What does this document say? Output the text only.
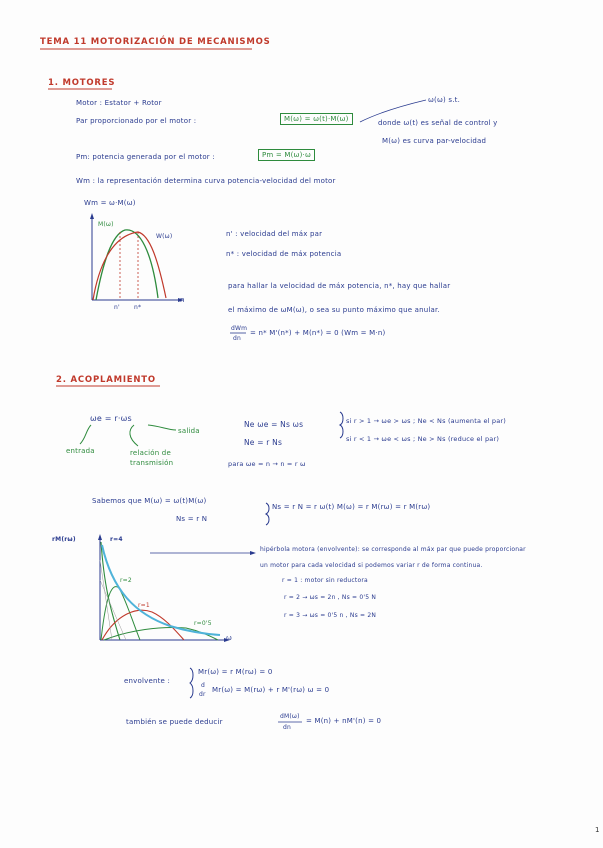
TEMA 11 MOTORIZACIÓN DE MECANISMOS
1. MOTORES
Motor : Estator + Rotor
Par proporcionado por el motor :	M(ω) = ω(t)·M(ω)
ω(ω) s.t.
donde ω(t) es señal de control y
M(ω) es curva par-velocidad
Pm: potencia generada por el motor :	Pm = M(ω)·ω
Wm : la representación determina curva potencia-velocidad del motor
Wm = ω·M(ω)
M(ω)
W(ω)
n
n' n*
n' : velocidad del máx par
n* : velocidad de máx potencia
para hallar la velocidad de máx potencia, n*, hay que hallar
el máximo de ωM(ω), o sea su punto máximo que anular.
dWm
dn
= n* M'(n*) + M(n*) = 0 (Wm = M·n)
2. ACOPLAMIENTO
ωe = r·ωs
entrada	relación de transmisión
salida
Ne ωe = Ns ωs
Ne = r Ns
si r > 1 → ωe > ωs ; Ne < Ns (aumenta el par)
si r < 1 → ωe < ωs ; Ne > Ns (reduce el par)
para ωe = n → n = r ω
Sabemos que M(ω) = ω(t)M(ω)
Ns = r N
Ns = r N = r ω(t) M(ω) = r M(rω) = r M(rω)
rM(rω)	r=4
r=2
r=1
r=0'5
ω
hipérbola motora (envolvente): se corresponde al máx par que puede proporcionar
un motor para cada velocidad si podemos variar r de forma continua.
r = 1 : motor sin reductora
r = 2 → ωs = 2n , Ns = 0'5 N
r = 3 → ωs = 0'5 n , Ns = 2N
envolvente :
Mr(ω) = r M(rω) = 0
d
dr
Mr(ω) = M(rω) + r M'(rω) ω = 0
también se puede deducir
dM(ω)
dn
= M(n) + nM'(n) = 0
1
